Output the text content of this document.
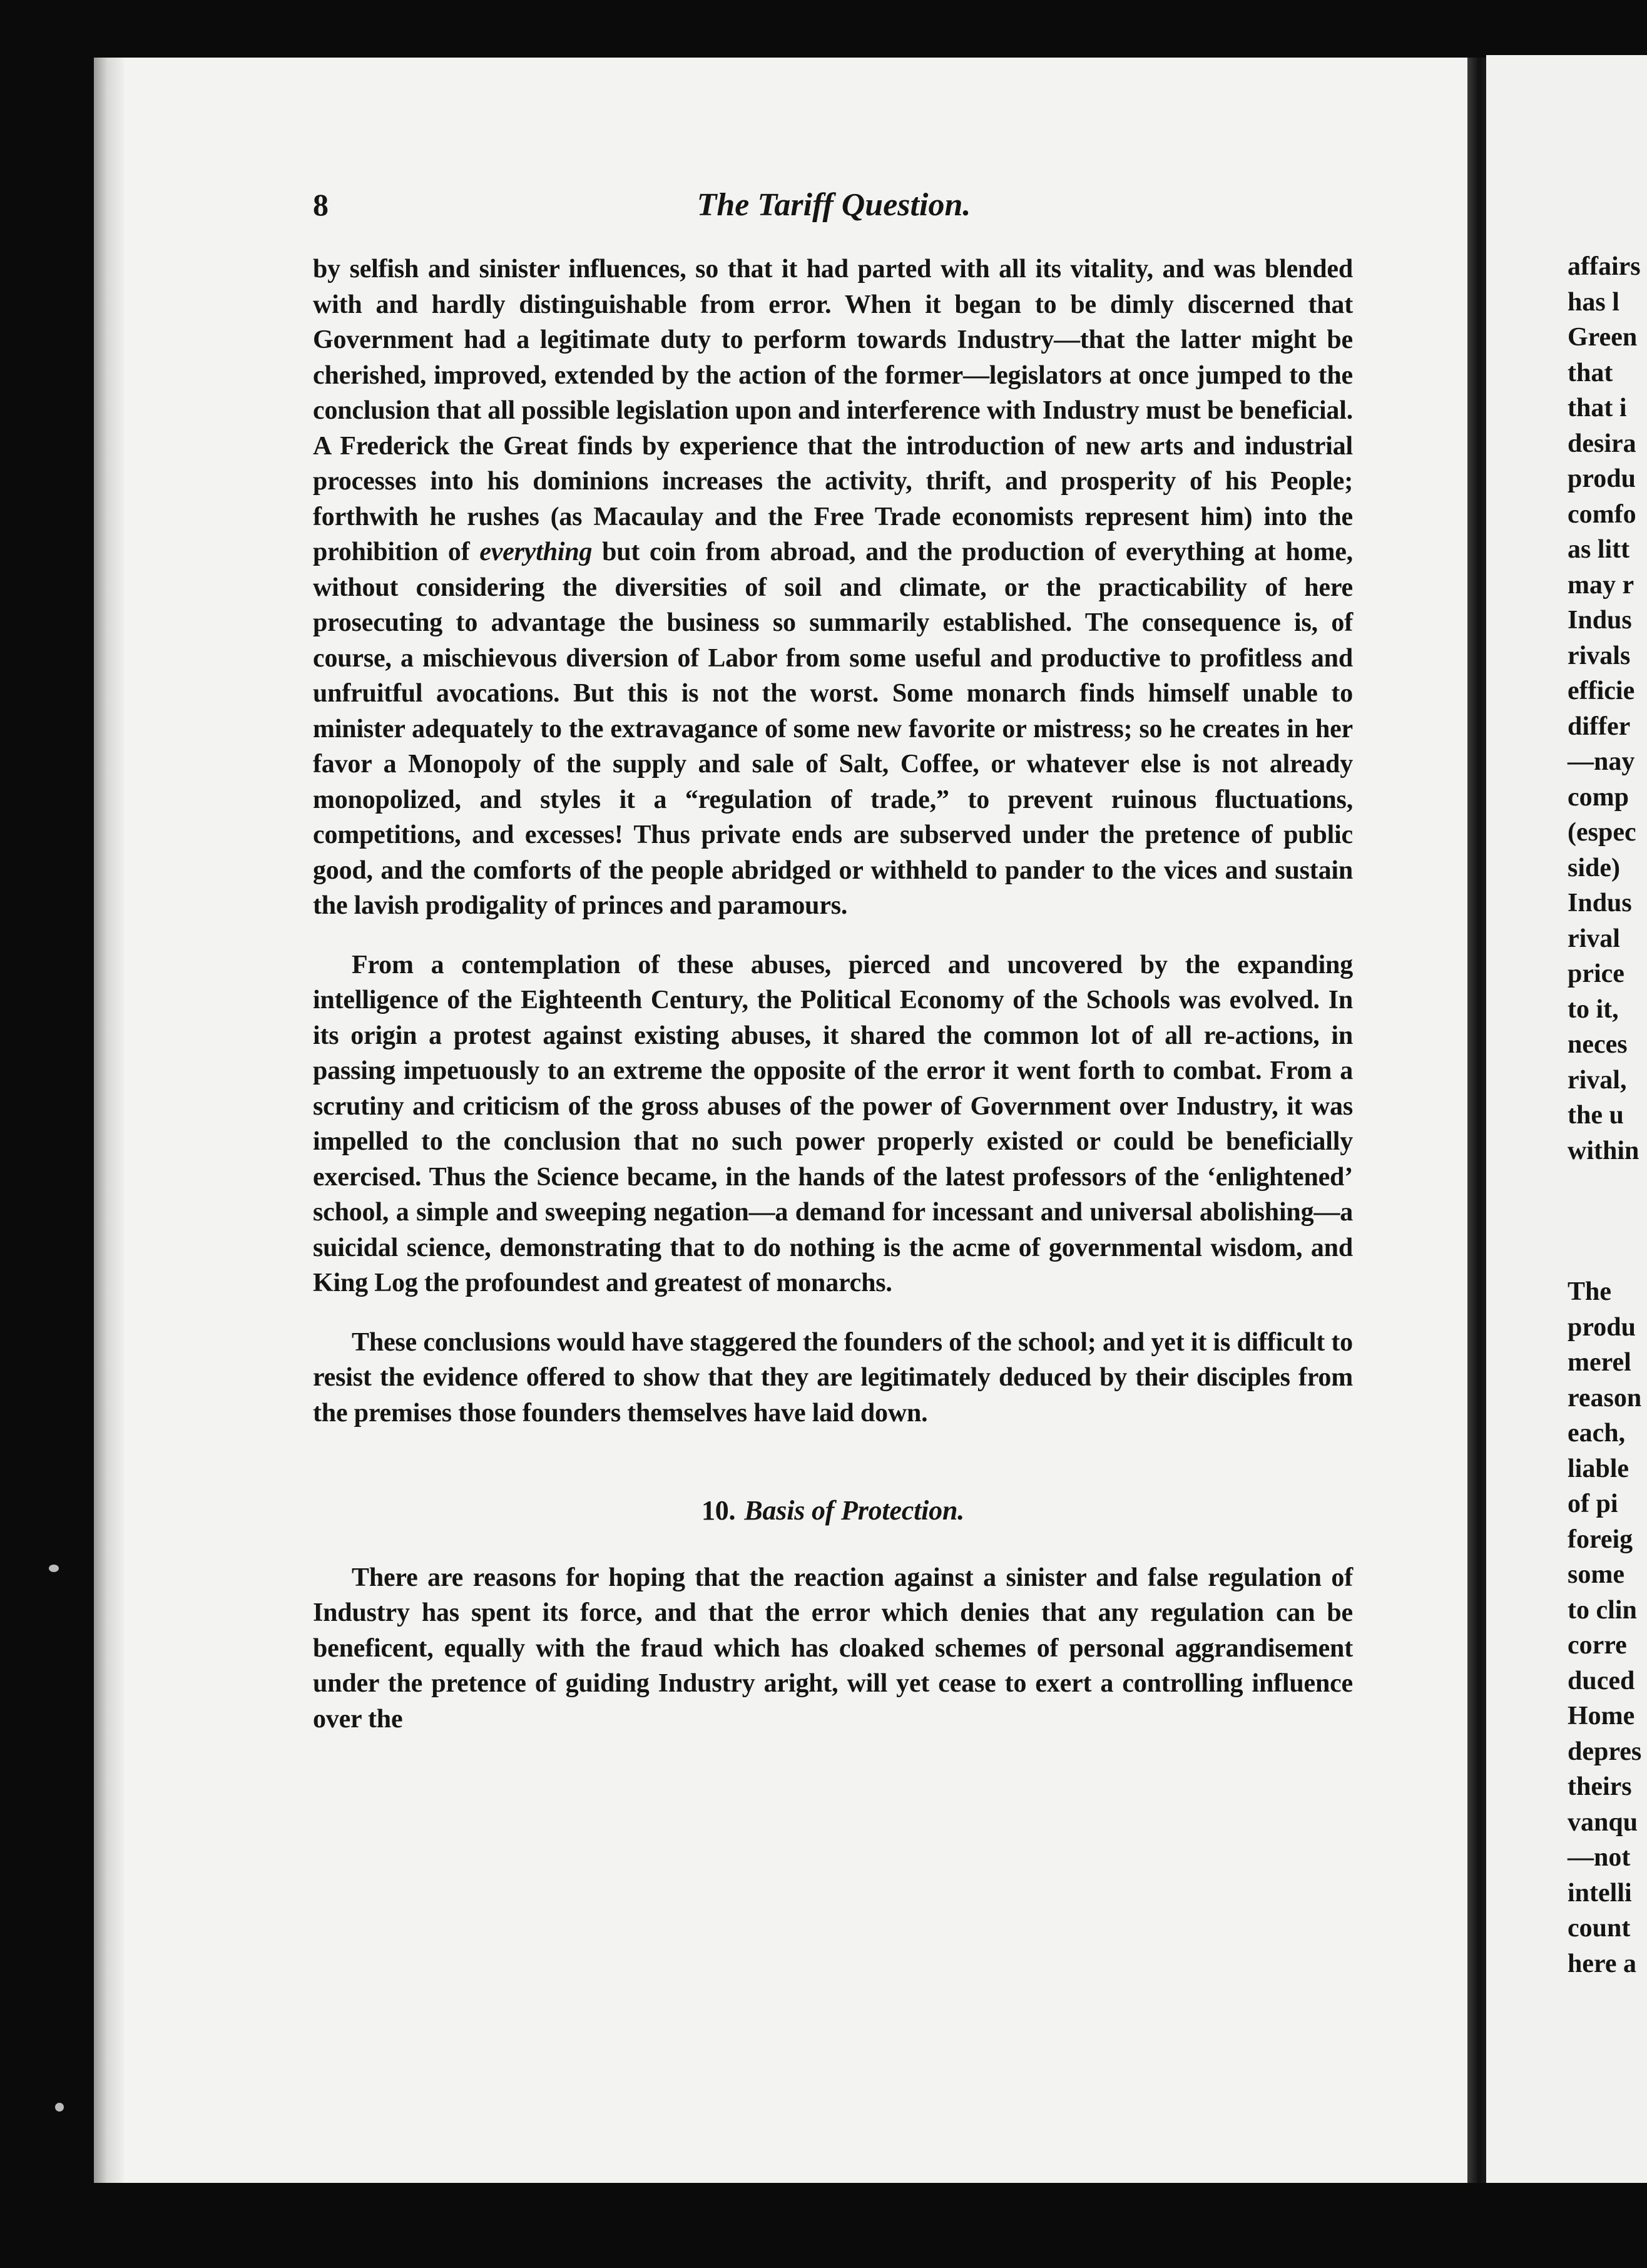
8	The Tariff Question.

by selfish and sinister influences, so that it had parted with all its vitality, and was blended with and hardly distinguishable from error. When it began to be dimly discerned that Government had a legitimate duty to perform towards Industry—that the latter might be cherished, improved, extended by the action of the former—legislators at once jumped to the conclusion that all possible legislation upon and interference with Industry must be beneficial. A Frederick the Great finds by experience that the introduction of new arts and industrial processes into his dominions increases the activity, thrift, and prosperity of his People; forthwith he rushes (as Macaulay and the Free Trade economists represent him) into the prohibition of everything but coin from abroad, and the production of everything at home, without considering the diversities of soil and climate, or the practicability of here prosecuting to advantage the business so summarily established. The consequence is, of course, a mischievous diversion of Labor from some useful and productive to profitless and unfruitful avocations. But this is not the worst. Some monarch finds himself unable to minister adequately to the extravagance of some new favorite or mistress; so he creates in her favor a Monopoly of the supply and sale of Salt, Coffee, or whatever else is not already monopolized, and styles it a “regulation of trade,” to prevent ruinous fluctuations, competitions, and excesses! Thus private ends are subserved under the pretence of public good, and the comforts of the people abridged or withheld to pander to the vices and sustain the lavish prodigality of princes and paramours.

From a contemplation of these abuses, pierced and uncovered by the expanding intelligence of the Eighteenth Century, the Political Economy of the Schools was evolved. In its origin a protest against existing abuses, it shared the common lot of all re-actions, in passing impetuously to an extreme the opposite of the error it went forth to combat. From a scrutiny and criticism of the gross abuses of the power of Government over Industry, it was impelled to the conclusion that no such power properly existed or could be beneficially exercised. Thus the Science became, in the hands of the latest professors of the ‘enlightened’ school, a simple and sweeping negation—a demand for incessant and universal abolishing—a suicidal science, demonstrating that to do nothing is the acme of governmental wisdom, and King Log the profoundest and greatest of monarchs.

These conclusions would have staggered the founders of the school; and yet it is difficult to resist the evidence offered to show that they are legitimately deduced by their disciples from the premises those founders themselves have laid down.

10. Basis of Protection.

There are reasons for hoping that the reaction against a sinister and false regulation of Industry has spent its force, and that the error which denies that any regulation can be beneficent, equally with the fraud which has cloaked schemes of personal aggrandisement under the pretence of guiding Industry aright, will yet cease to exert a controlling influence over the

affairs
has l
Green
that
that i
desira
produ
comfo
as litt
may r
Indus
rivals
efficie
differ
—nay
comp
(espec
side)
Indus
rival
price
to it,
neces
rival,
the u
within
The
produ
merel
reason
each,
liable
of pi
foreig
some
to clin
corre
duced
Home
depres
theirs
vanqu
—not
intelli
count
here a
